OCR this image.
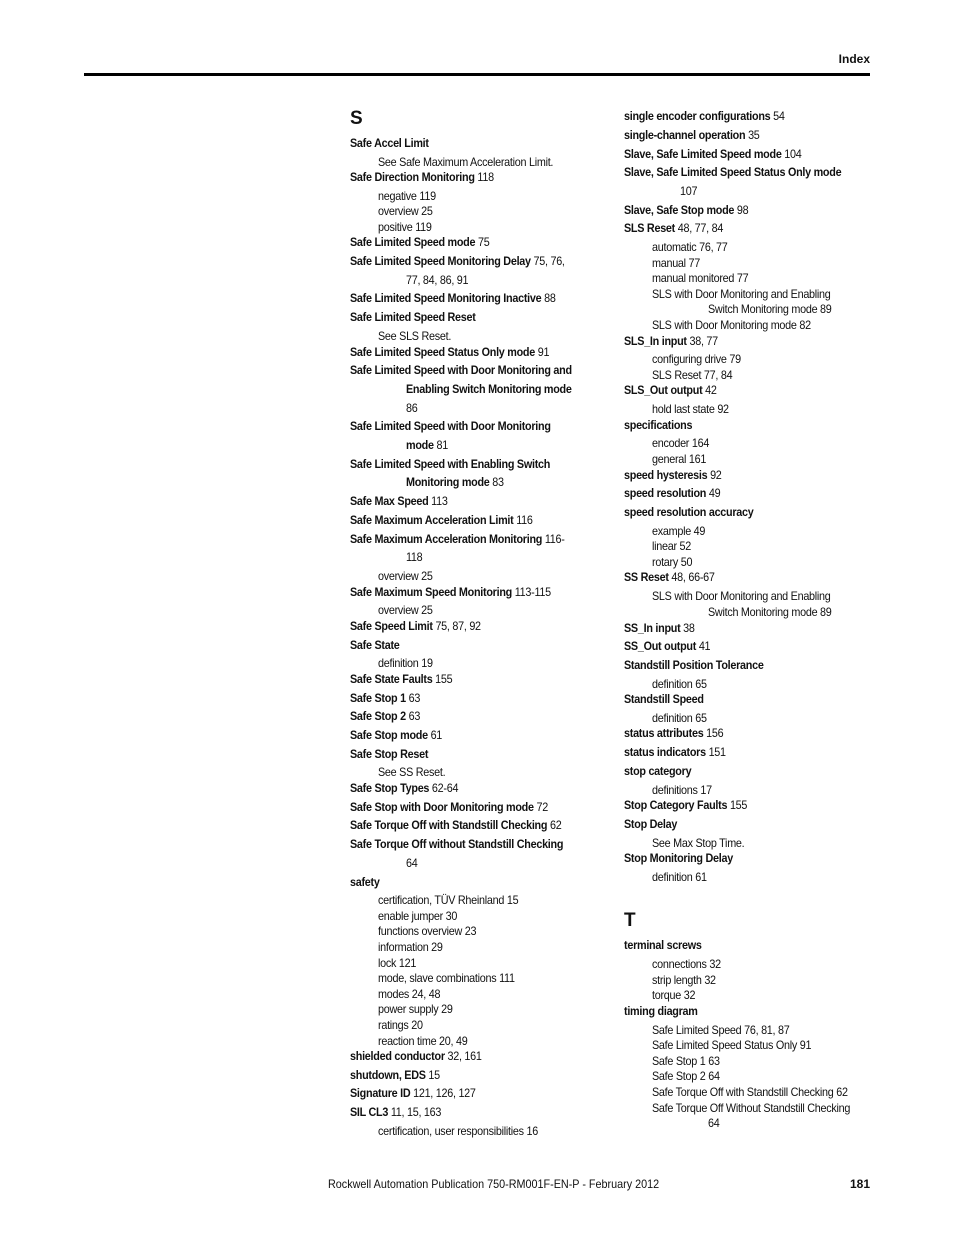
Index
S
Safe Accel Limit
See Safe Maximum Acceleration Limit.
Safe Direction Monitoring 118
negative 119
overview 25
positive 119
Safe Limited Speed mode 75
Safe Limited Speed Monitoring Delay 75, 76,
77, 84, 86, 91
Safe Limited Speed Monitoring Inactive 88
Safe Limited Speed Reset
See SLS Reset.
Safe Limited Speed Status Only mode 91
Safe Limited Speed with Door Monitoring and
Enabling Switch Monitoring mode
86
Safe Limited Speed with Door Monitoring
mode 81
Safe Limited Speed with Enabling Switch
Monitoring mode 83
Safe Max Speed 113
Safe Maximum Acceleration Limit 116
Safe Maximum Acceleration Monitoring 116-
118
overview 25
Safe Maximum Speed Monitoring 113-115
overview 25
Safe Speed Limit 75, 87, 92
Safe State
definition 19
Safe State Faults 155
Safe Stop 1 63
Safe Stop 2 63
Safe Stop mode 61
Safe Stop Reset
See SS Reset.
Safe Stop Types 62-64
Safe Stop with Door Monitoring mode 72
Safe Torque Off with Standstill Checking 62
Safe Torque Off without Standstill Checking
64
safety
certification, TÜV Rheinland 15
enable jumper 30
functions overview 23
information 29
lock 121
mode, slave combinations 111
modes 24, 48
power supply 29
ratings 20
reaction time 20, 49
shielded conductor 32, 161
shutdown, EDS 15
Signature ID 121, 126, 127
SIL CL3 11, 15, 163
certification, user responsibilities 16
single encoder configurations 54
single-channel operation 35
Slave, Safe Limited Speed mode 104
Slave, Safe Limited Speed Status Only mode
107
Slave, Safe Stop mode 98
SLS Reset 48, 77, 84
automatic 76, 77
manual 77
manual monitored 77
SLS with Door Monitoring and Enabling
Switch Monitoring mode 89
SLS with Door Monitoring mode 82
SLS_In input 38, 77
configuring drive 79
SLS Reset 77, 84
SLS_Out output 42
hold last state 92
specifications
encoder 164
general 161
speed hysteresis 92
speed resolution 49
speed resolution accuracy
example 49
linear 52
rotary 50
SS Reset 48, 66-67
SLS with Door Monitoring and Enabling
Switch Monitoring mode 89
SS_In input 38
SS_Out output 41
Standstill Position Tolerance
definition 65
Standstill Speed
definition 65
status attributes 156
status indicators 151
stop category
definitions 17
Stop Category Faults 155
Stop Delay
See Max Stop Time.
Stop Monitoring Delay
definition 61
T
terminal screws
connections 32
strip length 32
torque 32
timing diagram
Safe Limited Speed 76, 81, 87
Safe Limited Speed Status Only 91
Safe Stop 1 63
Safe Stop 2 64
Safe Torque Off with Standstill Checking 62
Safe Torque Off Without Standstill Checking
64
Rockwell Automation Publication 750-RM001F-EN-P - February 2012	181
